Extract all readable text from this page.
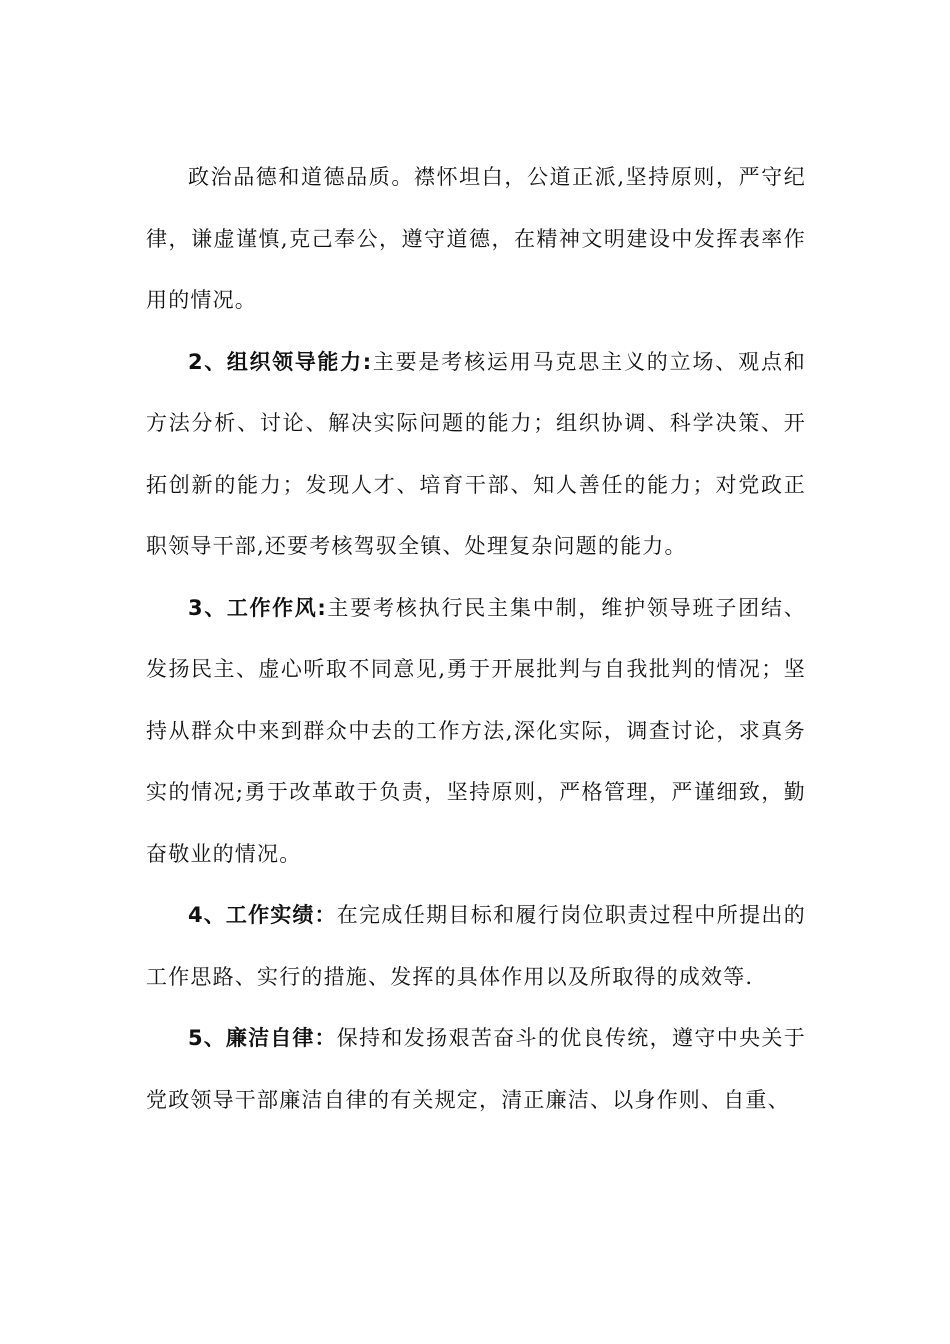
政治品德和道德品质。襟怀坦白，公道正派,坚持原则，严守纪律，谦虚谨慎,克己奉公，遵守道德，在精神文明建设中发挥表率作用的情况。

2、组织领导能力:主要是考核运用马克思主义的立场、观点和方法分析、讨论、解决实际问题的能力；组织协调、科学决策、开拓创新的能力；发现人才、培育干部、知人善任的能力；对党政正职领导干部,还要考核驾驭全镇、处理复杂问题的能力。

3、工作作风:主要考核执行民主集中制，维护领导班子团结、发扬民主、虚心听取不同意见,勇于开展批判与自我批判的情况；坚持从群众中来到群众中去的工作方法,深化实际，调查讨论，求真务实的情况;勇于改革敢于负责，坚持原则，严格管理，严谨细致，勤奋敬业的情况。

4、工作实绩：在完成任期目标和履行岗位职责过程中所提出的工作思路、实行的措施、发挥的具体作用以及所取得的成效等.

5、廉洁自律：保持和发扬艰苦奋斗的优良传统，遵守中央关于党政领导干部廉洁自律的有关规定，清正廉洁、以身作则、自重、
